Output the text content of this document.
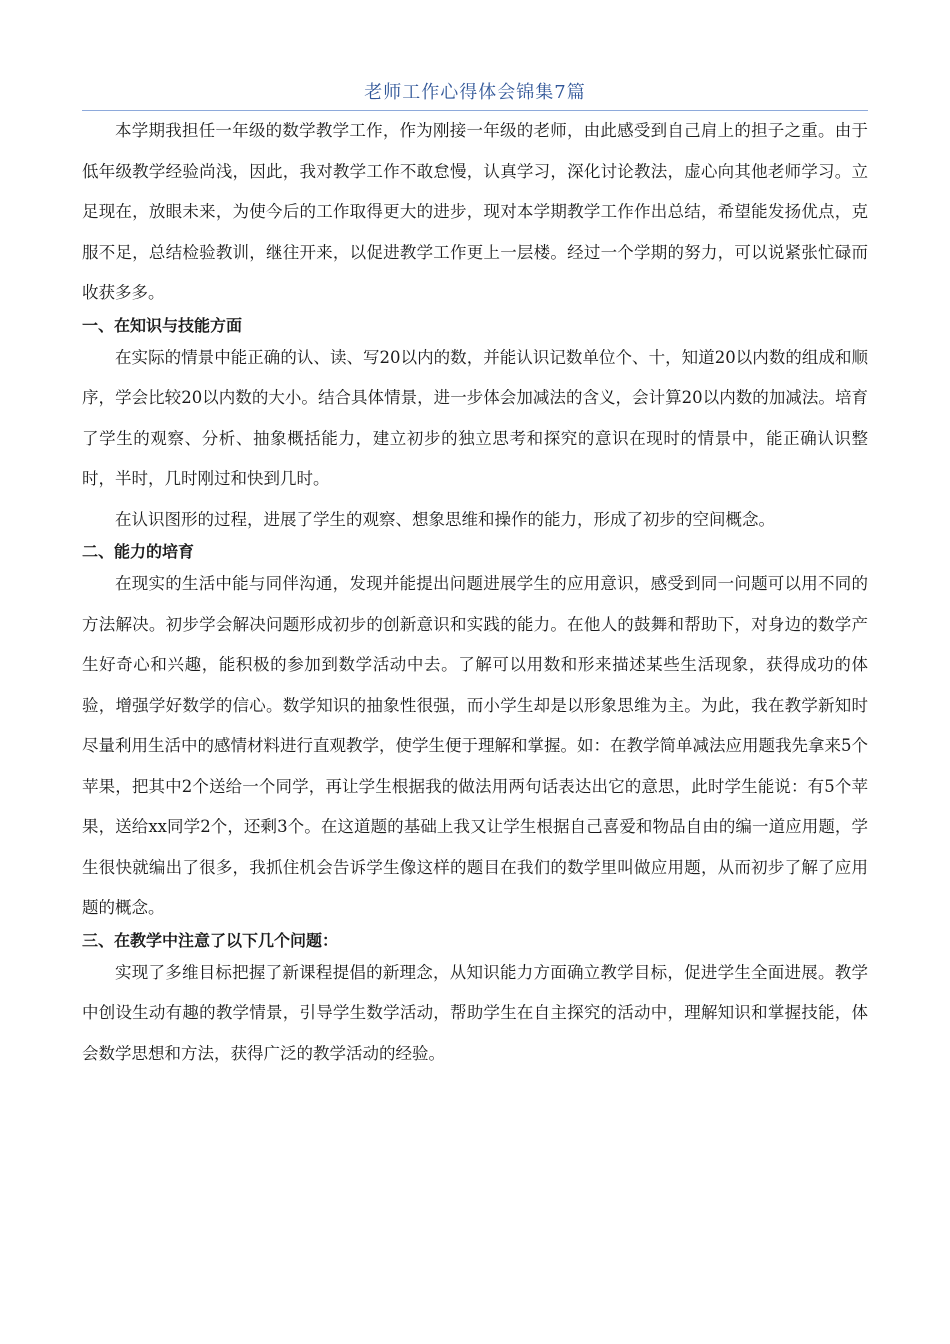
老师工作心得体会锦集7篇

本学期我担任一年级的数学教学工作，作为刚接一年级的老师，由此感受到自己肩上的担子之重。由于低年级教学经验尚浅，因此，我对教学工作不敢怠慢，认真学习，深化讨论教法，虚心向其他老师学习。立足现在，放眼未来，为使今后的工作取得更大的进步，现对本学期教学工作作出总结，希望能发扬优点，克服不足，总结检验教训，继往开来，以促进教学工作更上一层楼。经过一个学期的努力，可以说紧张忙碌而收获多多。

一、在知识与技能方面

在实际的情景中能正确的认、读、写20以内的数，并能认识记数单位个、十，知道20以内数的组成和顺序，学会比较20以内数的大小。结合具体情景，进一步体会加减法的含义，会计算20以内数的加减法。培育了学生的观察、分析、抽象概括能力，建立初步的独立思考和探究的意识在现时的情景中，能正确认识整时，半时，几时刚过和快到几时。

在认识图形的过程，进展了学生的观察、想象思维和操作的能力，形成了初步的空间概念。

二、能力的培育

在现实的生活中能与同伴沟通，发现并能提出问题进展学生的应用意识，感受到同一问题可以用不同的方法解决。初步学会解决问题形成初步的创新意识和实践的能力。在他人的鼓舞和帮助下，对身边的数学产生好奇心和兴趣，能积极的参加到数学活动中去。了解可以用数和形来描述某些生活现象，获得成功的体验，增强学好数学的信心。数学知识的抽象性很强，而小学生却是以形象思维为主。为此，我在教学新知时尽量利用生活中的感情材料进行直观教学，使学生便于理解和掌握。如：在教学简单减法应用题我先拿来5个苹果，把其中2个送给一个同学，再让学生根据我的做法用两句话表达出它的意思，此时学生能说：有5个苹果，送给xx同学2个，还剩3个。在这道题的基础上我又让学生根据自己喜爱和物品自由的编一道应用题，学生很快就编出了很多，我抓住机会告诉学生像这样的题目在我们的数学里叫做应用题，从而初步了解了应用题的概念。

三、在教学中注意了以下几个问题：

实现了多维目标把握了新课程提倡的新理念，从知识能力方面确立教学目标，促进学生全面进展。教学中创设生动有趣的教学情景，引导学生数学活动，帮助学生在自主探究的活动中，理解知识和掌握技能，体会数学思想和方法，获得广泛的教学活动的经验。
